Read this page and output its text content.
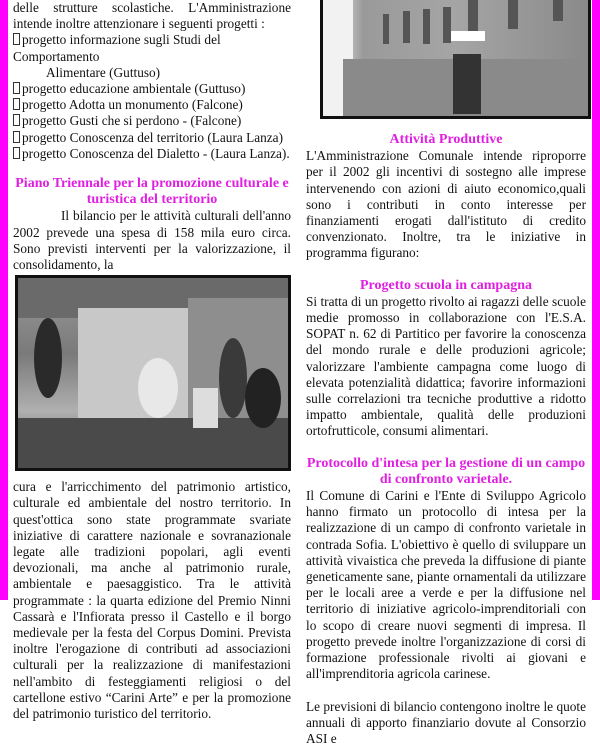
delle strutture scolastiche. L'Amministrazione intende inoltre attenzionare i seguenti progetti :

progetto informazione sugli Studi del Comportamento
Alimentare (Guttuso)
progetto educazione ambientale (Guttuso)
progetto Adotta un monumento (Falcone)
progetto Gusti che si perdono - (Falcone)
progetto Conoscenza del territorio (Laura Lanza)
progetto Conoscenza del Dialetto - (Laura Lanza).

Piano Triennale per la promozione culturale e turistica del territorio

Il bilancio per le attività culturali dell'anno 2002 prevede una spesa di 158 mila euro circa. Sono previsti interventi per la valorizzazione, il consolidamento, la

cura e l'arricchimento del patrimonio artistico, culturale ed ambientale del nostro territorio. In quest'ottica sono state programmate svariate iniziative di carattere nazionale e sovranazionale legate alle tradizioni popolari, agli eventi devozionali, ma anche al patrimonio rurale, ambientale e paesaggistico. Tra le attività programmate : la quarta edizione del Premio Ninni Cassarà e l'Infiorata presso il Castello e il borgo medievale per la festa del Corpus Domini. Prevista inoltre l'erogazione di contributi ad associazioni culturali per la realizzazione di manifestazioni nell'ambito di festeggiamenti religiosi o del cartellone estivo “Carini Arte” e per la promozione del patrimonio turistico del territorio.

Attività Produttive

L'Amministrazione Comunale intende riproporre per il 2002 gli incentivi di sostegno alle imprese intervenendo con azioni di aiuto economico,quali sono i contributi in conto interesse per finanziamenti erogati dall'istituto di credito convenzionato. Inoltre, tra le iniziative in programma figurano:

Progetto scuola in campagna

Si tratta di un progetto rivolto ai ragazzi delle scuole medie promosso in collaborazione con l'E.S.A. SOPAT n. 62 di Partitico per favorire la conoscenza del mondo rurale e delle produzioni agricole; valorizzare l'ambiente campagna come luogo di elevata potenzialità didattica; favorire informazioni sulle correlazioni tra tecniche produttive a ridotto impatto ambientale, qualità delle produzioni ortofrutticole, consumi alimentari.

Protocollo d'intesa per la gestione di un campo di confronto varietale.

Il Comune di Carini e l'Ente di Sviluppo Agricolo hanno firmato un protocollo di intesa per la realizzazione di un campo di confronto varietale in contrada Sofia. L'obiettivo è quello di sviluppare un attività vivaistica che preveda la diffusione di piante geneticamente sane, piante ornamentali da utilizzare per le locali aree a verde e per la diffusione nel territorio di iniziative agricolo-imprenditoriali con lo scopo di creare nuovi segmenti di impresa. Il progetto prevede inoltre l'organizzazione di corsi di formazione professionale rivolti ai giovani e all'imprenditoria agricola carinese.

Le previsioni di bilancio contengono inoltre le quote annuali di apporto finanziario dovute al Consorzio ASI e
